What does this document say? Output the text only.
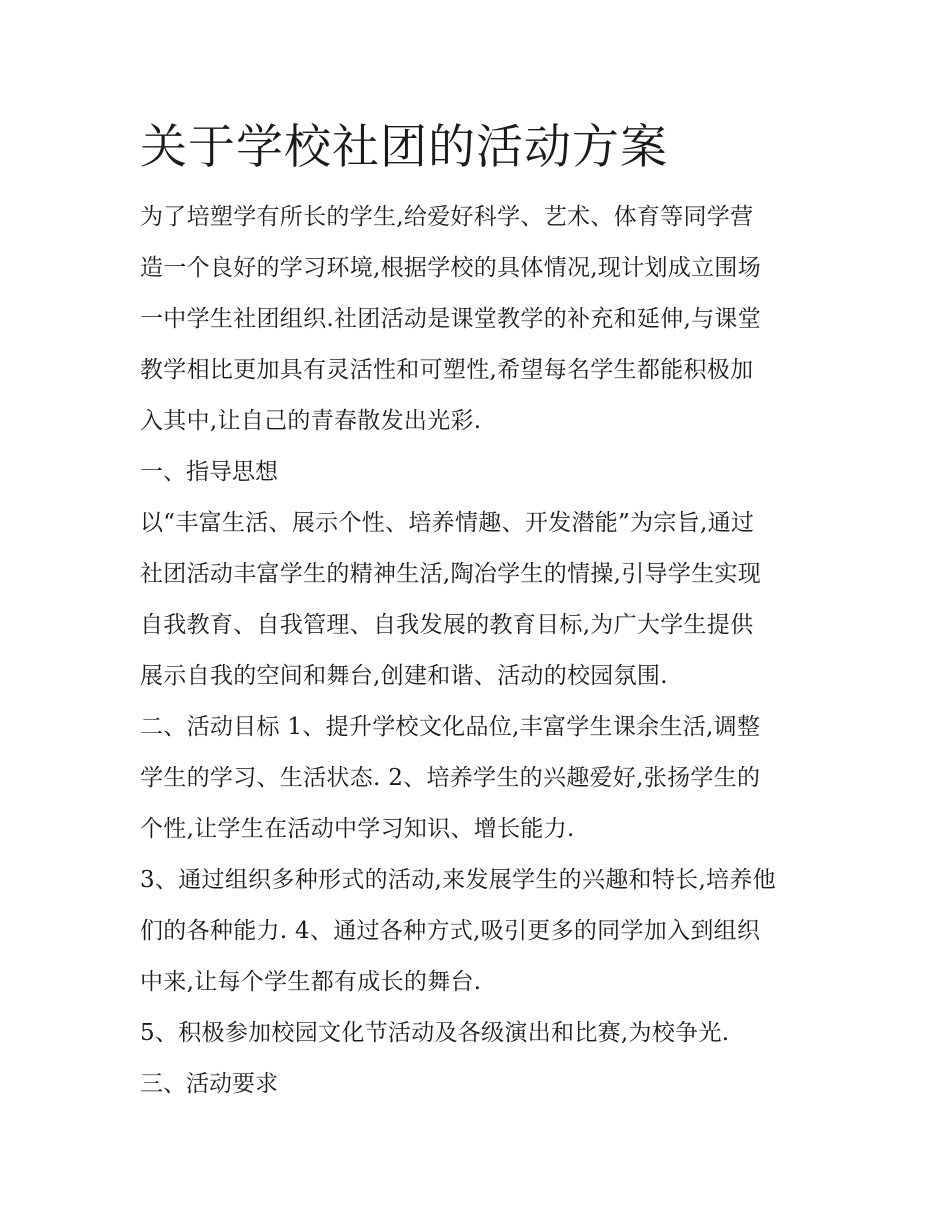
关于学校社团的活动方案

为了培塑学有所长的学生,给爱好科学、艺术、体育等同学营
造一个良好的学习环境,根据学校的具体情况,现计划成立围场
一中学生社团组织.社团活动是课堂教学的补充和延伸,与课堂
教学相比更加具有灵活性和可塑性,希望每名学生都能积极加
入其中,让自己的青春散发出光彩.

一、指导思想

以“丰富生活、展示个性、培养情趣、开发潜能”为宗旨,通过
社团活动丰富学生的精神生活,陶冶学生的情操,引导学生实现
自我教育、自我管理、自我发展的教育目标,为广大学生提供
展示自我的空间和舞台,创建和谐、活动的校园氛围.

二、活动目标 1、提升学校文化品位,丰富学生课余生活,调整
学生的学习、生活状态. 2、培养学生的兴趣爱好,张扬学生的
个性,让学生在活动中学习知识、增长能力.

3、通过组织多种形式的活动,来发展学生的兴趣和特长,培养他
们的各种能力. 4、通过各种方式,吸引更多的同学加入到组织
中来,让每个学生都有成长的舞台.

5、积极参加校园文化节活动及各级演出和比赛,为校争光.

三、活动要求
